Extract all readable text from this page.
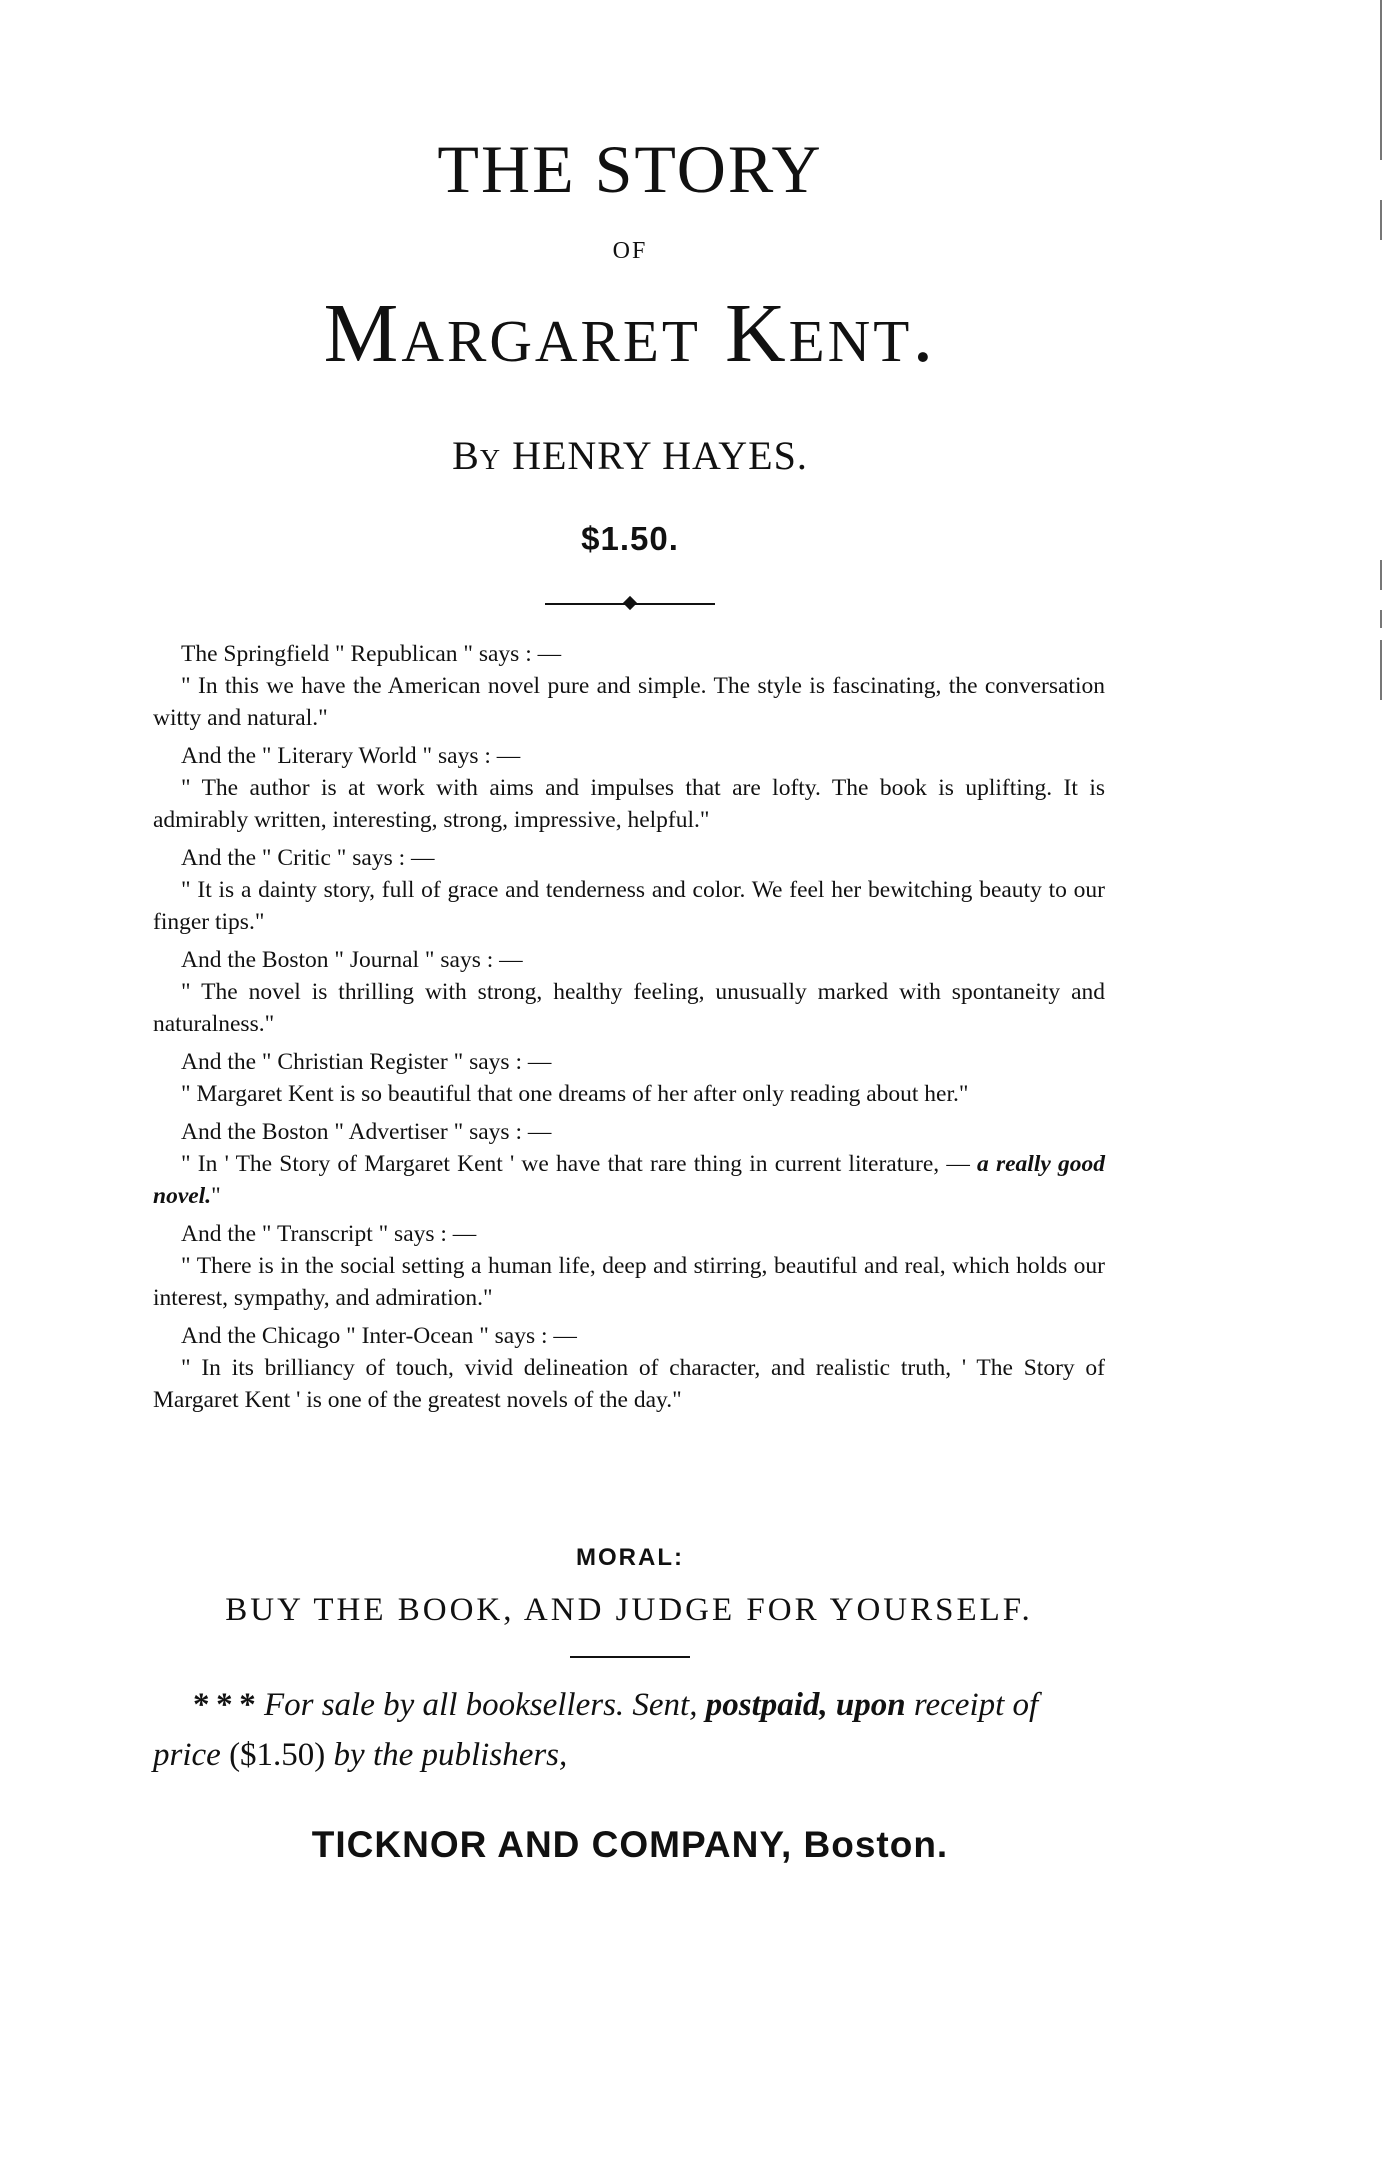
THE STORY
OF
Margaret Kent.
By HENRY HAYES.
$1.50.
The Springfield " Republican " says : —
" In this we have the American novel pure and simple. The style is fascinating, the conversation witty and natural."
And the " Literary World " says : —
" The author is at work with aims and impulses that are lofty. The book is uplifting. It is admirably written, interesting, strong, impressive, helpful."
And the " Critic " says : —
" It is a dainty story, full of grace and tenderness and color. We feel her bewitching beauty to our finger tips."
And the Boston " Journal " says : —
" The novel is thrilling with strong, healthy feeling, unusually marked with spontaneity and naturalness."
And the " Christian Register " says : —
" Margaret Kent is so beautiful that one dreams of her after only reading about her."
And the Boston " Advertiser " says : —
" In ' The Story of Margaret Kent ' we have that rare thing in current literature, — a really good novel."
And the " Transcript " says : —
" There is in the social setting a human life, deep and stirring, beautiful and real, which holds our interest, sympathy, and admiration."
And the Chicago " Inter-Ocean " says : —
" In its brilliancy of touch, vivid delineation of character, and realistic truth, ' The Story of Margaret Kent ' is one of the greatest novels of the day."
MORAL:
BUY THE BOOK, AND JUDGE FOR YOURSELF.
* * * For sale by all booksellers. Sent, postpaid, upon receipt of price ($1.50) by the publishers,
TICKNOR AND COMPANY, Boston.
